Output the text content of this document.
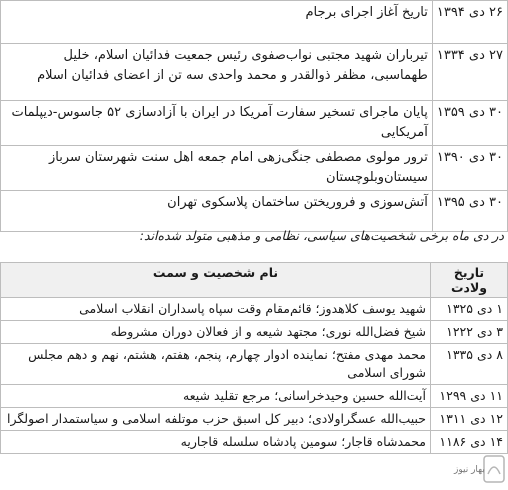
۲۶ دی ۱۳۹۴	تاریخ آغاز اجرای برجام
۲۷ دی ۱۳۳۴	تیرباران شهید مجتبی نواب‌صفوی رئیس جمعیت فدائیان اسلام، خلیل طهماسبی، مظفر ذوالقدر و محمد واحدی سه تن از اعضای فدائیان اسلام
۳۰ دی ۱۳۵۹	پایان ماجرای تسخیر سفارت آمریکا در ایران با آزادسازی ۵۲ جاسوس-دیپلمات آمریکایی
۳۰ دی ۱۳۹۰	ترور مولوی مصطفی جنگی‌زهی امام جمعه اهل سنت شهرستان سرباز سیستان‌وبلوچستان
۳۰ دی ۱۳۹۵	آتش‌سوزی و فروریختن ساختمان پلاسکوی تهران

در دی ماه برخی شخصیت‌های سیاسی، نظامی و مذهبی متولد شده‌اند:

تاریخ ولادت	نام شخصیت و سمت
۱ دی ۱۳۲۵	شهید یوسف کلاهدوز؛ قائم‌مقام وقت سپاه پاسداران انقلاب اسلامی
۳ دی ۱۲۲۲	شیخ فضل‌الله نوری؛ مجتهد شیعه و از فعالان دوران مشروطه
۸ دی ۱۳۳۵	محمد مهدی مفتح؛ نماینده ادوار چهارم، پنجم، هفتم، هشتم، نهم و دهم مجلس شورای اسلامی
۱۱ دی ۱۲۹۹	آیت‌الله حسین وحیدخراسانی؛ مرجع تقلید شیعه
۱۲ دی ۱۳۱۱	حبیب‌الله عسگراولادی؛ دبیر کل اسبق حزب موتلفه اسلامی و سیاستمدار اصولگرا
۱۴ دی ۱۱۸۶	محمدشاه قاجار؛ سومین پادشاه سلسله قاجاریه
بهار نیوز
